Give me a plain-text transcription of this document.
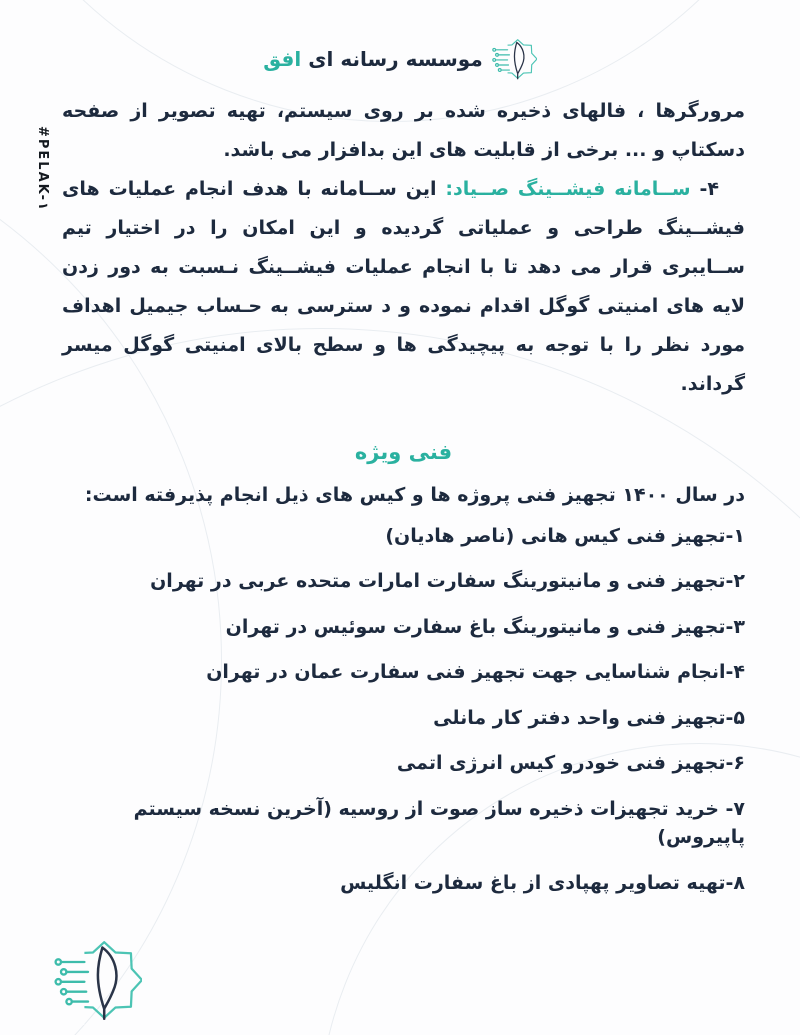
#PELAK-۱
موسسه رسانه ای افق

مرورگرها ، فالهای ذخیره شده بر روی سیستم، تهیه تصویر از صفحه دسکتاپ و ... برخی از قابلیت های این بدافزار می باشد.

۴- ســامانه فیشــینگ صــیاد: این ســامانه با هدف انجام عملیات های فیشــینگ طراحی و عملیاتی گردیده و این امکان را در اختیار تیم ســایبری قرار می دهد تا با انجام عملیات فیشــینگ نـسبت به دور زدن لایه های امنیتی گوگل اقدام نموده و د سترسی به حـساب جیمیل اهداف مورد نظر را با توجه به پیچیدگی ها و سطح بالای امنیتی گوگل میسر گرداند.

فنی ویژه

در سال ۱۴۰۰ تجهیز فنی پروژه ها و کیس های ذیل انجام پذیرفته است:

۱-تجهیز فنی کیس هانی (ناصر هادیان)
۲-تجهیز فنی و مانیتورینگ سفارت امارات متحده عربی در تهران
۳-تجهیز فنی و مانیتورینگ باغ سفارت سوئیس در تهران
۴-انجام شناسایی جهت تجهیز فنی سفارت عمان در تهران
۵-تجهیز فنی واحد دفتر کار مانلی
۶-تجهیز فنی خودرو کیس انرژی اتمی
۷- خرید تجهیزات ذخیره ساز صوت از روسیه (آخرین نسخه سیستم پاپیروس)
۸-تهیه تصاویر پهپادی از باغ سفارت انگلیس
